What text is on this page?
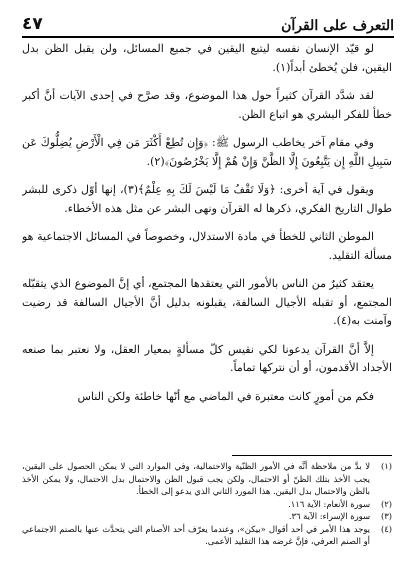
التعرف على القرآن
٤٧

لو قيّد الإنسان نفسه ليتبع اليقين في جميع المسائل، ولن يقبل الظن بدل اليقين، فلن يُخطئ أبداً(١).

لقد شدَّد القرآن كثيراً حول هذا الموضوع، وقد صرَّح في إحدى الآيات أنَّ أكبر خطأ للفكر البشري هو اتباع الظن.

وفي مقام آخر يخاطب الرسول ﷺ: ﴿وَإِن تُطِعْ أَكْثَرَ مَن فِي الْأَرْضِ يُضِلُّوكَ عَن سَبِيلِ اللَّهِ إِن يَتَّبِعُونَ إِلَّا الظَّنَّ وَإِنْ هُمْ إِلَّا يَخْرُصُونَ﴾(٢).

ويقول في آية أخرى: ﴿وَلَا تَقْفُ مَا لَيْسَ لَكَ بِهِ عِلْمٌ﴾(٣)، إنها أوّل ذكرى للبشر طوال التاريخ الفكري، ذكرها له القرآن ونهى البشر عن مثل هذه الأخطاء.

الموطن الثاني للخطأ في مادة الاستدلال، وخصوصاً في المسائل الاجتماعية هو مسألة التقليد.

يعتقد كثيرٌ من الناس بالأمور التي يعتقدها المجتمع، أي إنَّ الموضوع الذي يتقبّله المجتمع، أو تقبله الأجيال السالفة، يقبلونه بدليل أنَّ الأجيال السالفة قد رضيت وآمنت به(٤).

إلاَّ أنَّ القرآن يدعونا لكي نقيس كلّ مسألةٍ بمعيار العقل، ولا نعتبر بما صنعه الأجداد الأقدمون، أو أن نتركها تماماً.

فكم من أمورٍ كانت معتبرة في الماضي مع أنّها خاطئة ولكن الناس

(١)
لا بدَّ من ملاحظة أنَّه في الأمور الظنّية والاحتمالية، وفي الموارد التي لا يمكن الحصول على اليقين، يجب الأخذ بتلك الظنّ أو الاحتمال، ولكن يجب قبول الظن والاحتمال بدل الاحتمال، ولا يمكن الأخذ بالظن والاحتمال بدل اليقين. هذا المورد الثاني الذي يدعو إلى الخطأ.
(٢)
سورة الأنعام: الآية ١١٦.
(٣)
سورة الإسراء: الآية ٣٦.
(٤)
يوجد هذا الأمر في أحد أقوال «بيكن»، وعندما يعرّف أحد الأصنام التي يتحدَّث عنها بالصنم الاجتماعي أو الصنم العرفي، فإنَّ غرضه هذا التقليد الأعمى.
